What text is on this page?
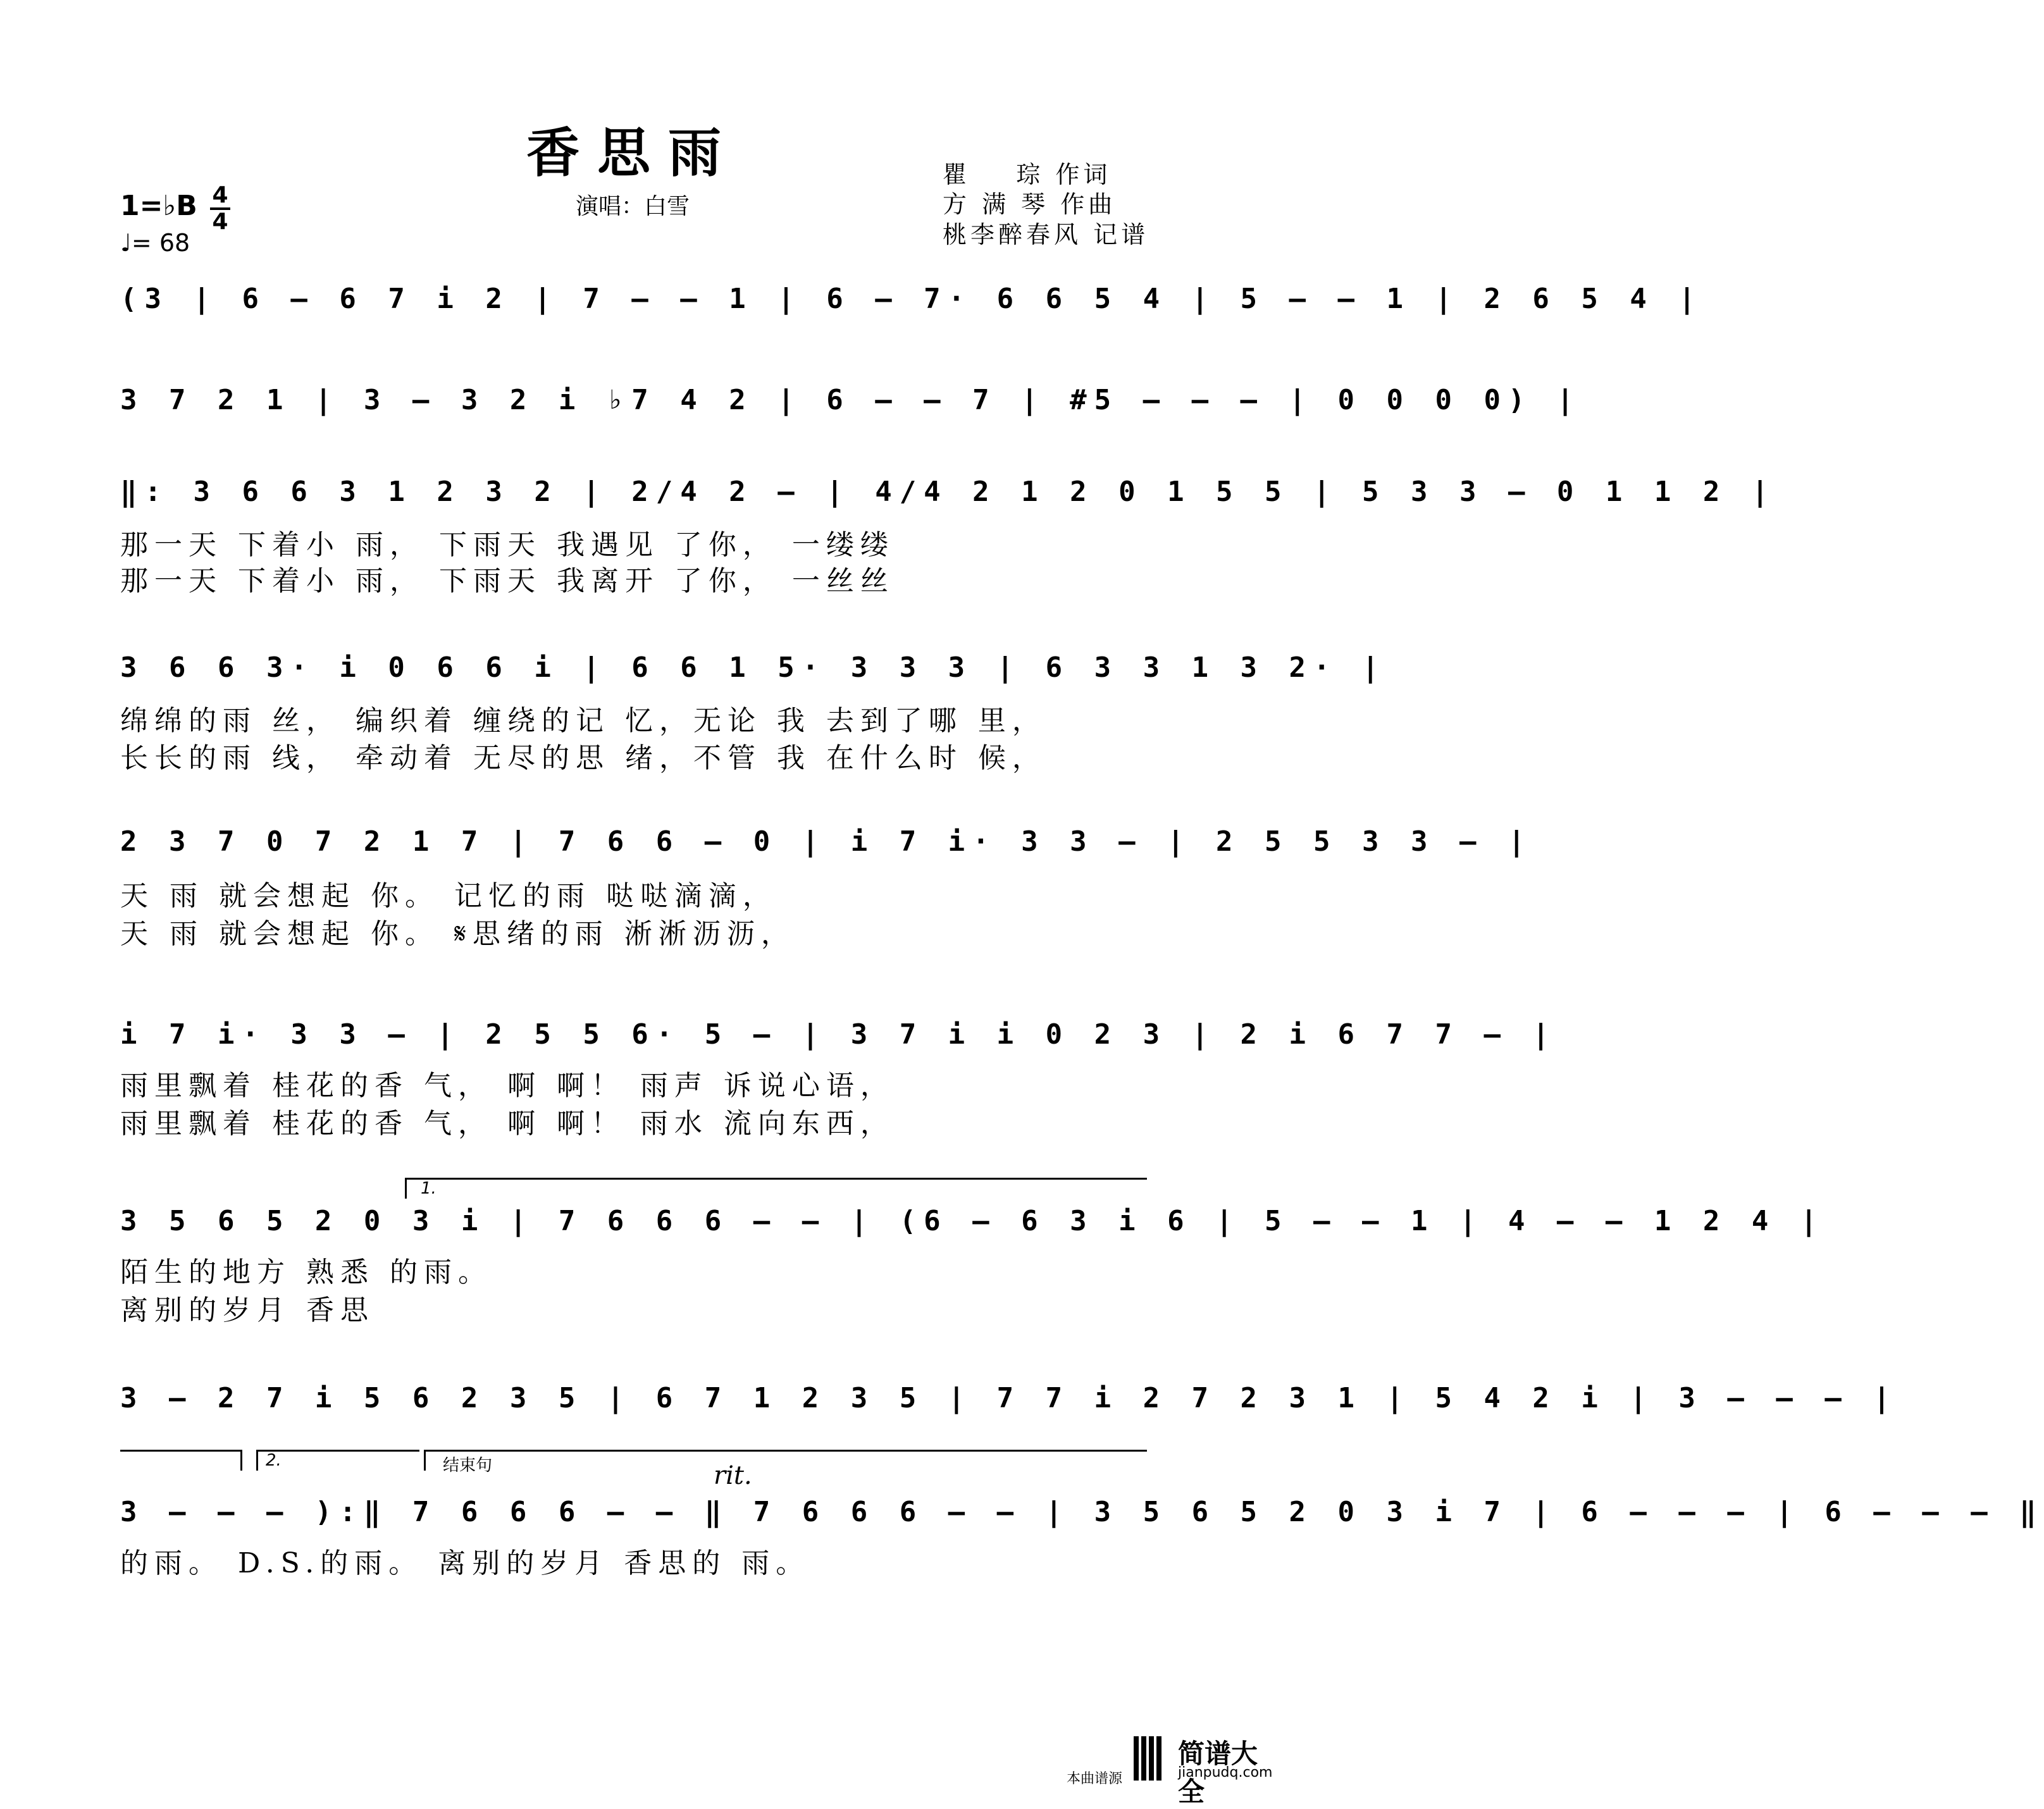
香思雨
演唱：白雪
瞿    琮 作词
方 满 琴 作曲
桃李醉春风 记谱
1=♭B 4
4
♩= 68
(3 | 6 – 6 7 i 2 | 7 – – 1 | 6 – 7· 6 6 5 4 | 5 – – 1 | 2 6 5 4 |
3 7 2 1 | 3 – 3 2 i ♭7 4 2 | 6 – – 7 | #5 – – – | 0 0 0 0) |
‖: 3 6 6 3 1 2 3 2 | 2/4 2 – | 4/4 2 1 2 0 1 5 5 | 5 3 3 – 0 1 1 2 |
那一天 下着小 雨， 下雨天 我遇见 了你， 一缕缕
那一天 下着小 雨， 下雨天 我离开 了你， 一丝丝
3 6 6 3· i 0 6 6 i | 6 6 1 5· 3 3 3 | 6 3 3 1 3 2· |
绵绵的雨 丝， 编织着 缠绕的记 忆，无论 我 去到了哪 里，
长长的雨 线， 牵动着 无尽的思 绪，不管 我 在什么时 候，
2 3 7 0 7 2 1 7 | 7 6 6 – 0 | i 7 i· 3 3 – | 2 5 5 3 3 – |
天 雨 就会想起 你。 记忆的雨 哒哒滴滴，
天 雨 就会想起 你。 𝄋思绪的雨 淅淅沥沥，
i 7 i· 3 3 – | 2 5 5 6· 5 – | 3 7 i i 0 2 3 | 2 i 6 7 7 – |
雨里飘着 桂花的香 气， 啊 啊！ 雨声 诉说心语，
雨里飘着 桂花的香 气， 啊 啊！ 雨水 流向东西，
1.
3 5 6 5 2 0 3 i | 7 6 6 6 – – | (6 – 6 3 i 6 | 5 – – 1 | 4 – – 1 2 4 |
陌生的地方 熟悉 的雨。
离别的岁月 香思
3 – 2 7 i 5 6 2 3 5 | 6 7 1 2 3 5 | 7 7 i 2 7 2 3 1 | 5 4 2 i | 3 – – – |
2.	结束句	rit.
3 – – – ):‖ 7 6 6 6 – – ‖ 7 6 6 6 – – | 3 5 6 5 2 0 3 i 7 | 6 – – – | 6 – – – ‖
的雨。 D.S.的雨。 离别的岁月 香思的 雨。
本曲谱源
简谱大全
jianpudq.com
